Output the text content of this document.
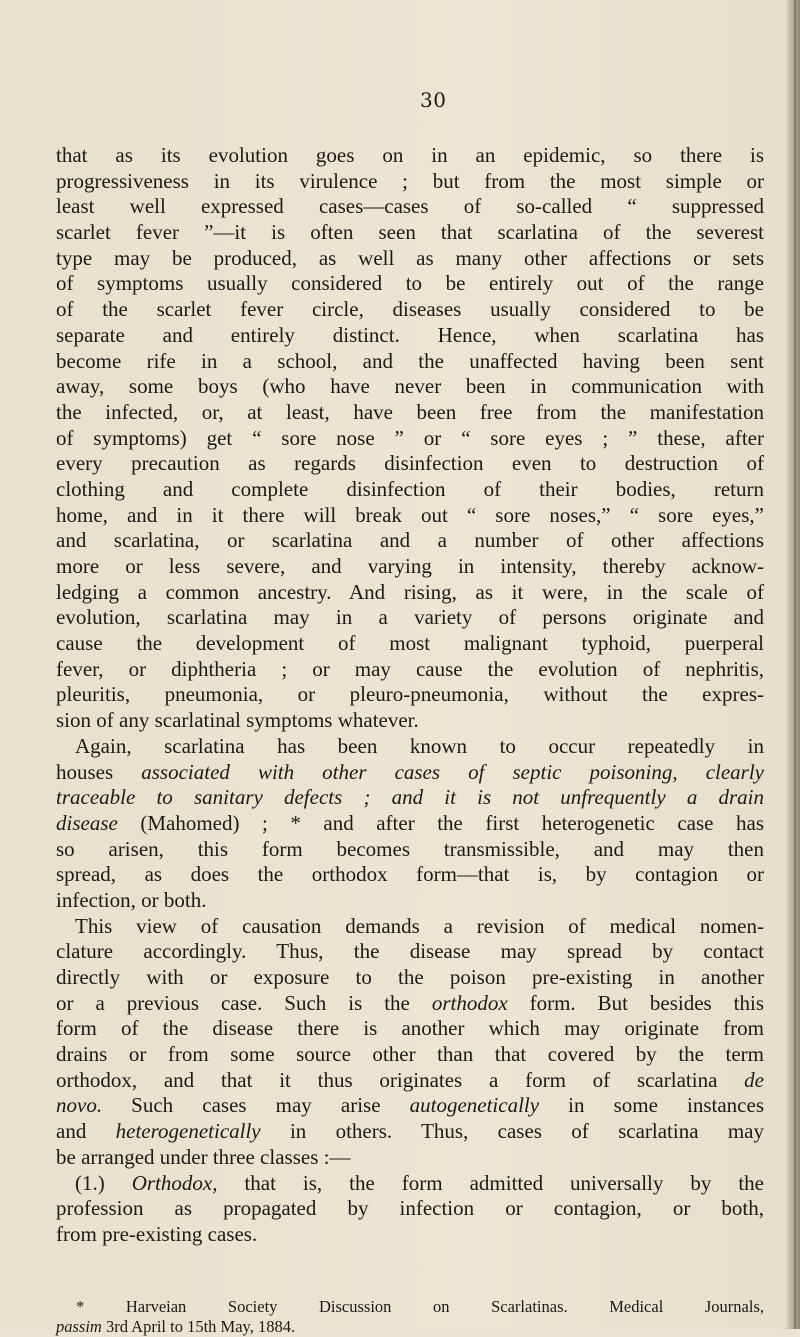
30
that as its evolution goes on in an epidemic, so there is
progressiveness in its virulence ; but from the most simple or
least well expressed cases—cases of so-called “ suppressed
scarlet fever ”—it is often seen that scarlatina of the severest
type may be produced, as well as many other affections or sets
of symptoms usually considered to be entirely out of the range
of the scarlet fever circle, diseases usually considered to be
separate and entirely distinct. Hence, when scarlatina has
become rife in a school, and the unaffected having been sent
away, some boys (who have never been in communication with
the infected, or, at least, have been free from the manifestation
of symptoms) get “ sore nose ” or “ sore eyes ; ” these, after
every precaution as regards disinfection even to destruction of
clothing and complete disinfection of their bodies, return
home, and in it there will break out “ sore noses,” “ sore eyes,”
and scarlatina, or scarlatina and a number of other affections
more or less severe, and varying in intensity, thereby acknow-
ledging a common ancestry. And rising, as it were, in the scale of
evolution, scarlatina may in a variety of persons originate and
cause the development of most malignant typhoid, puerperal
fever, or diphtheria ; or may cause the evolution of nephritis,
pleuritis, pneumonia, or pleuro-pneumonia, without the expres-
sion of any scarlatinal symptoms whatever.
Again, scarlatina has been known to occur repeatedly in
houses associated with other cases of septic poisoning, clearly
traceable to sanitary defects ; and it is not unfrequently a drain
disease (Mahomed) ; * and after the first heterogenetic case has
so arisen, this form becomes transmissible, and may then
spread, as does the orthodox form—that is, by contagion or
infection, or both.
This view of causation demands a revision of medical nomen-
clature accordingly. Thus, the disease may spread by contact
directly with or exposure to the poison pre-existing in another
or a previous case. Such is the orthodox form. But besides this
form of the disease there is another which may originate from
drains or from some source other than that covered by the term
orthodox, and that it thus originates a form of scarlatina de
novo. Such cases may arise autogenetically in some instances
and heterogenetically in others. Thus, cases of scarlatina may
be arranged under three classes :—
(1.) Orthodox, that is, the form admitted universally by the
profession as propagated by infection or contagion, or both,
from pre-existing cases.
* Harveian Society Discussion on Scarlatinas. Medical Journals,
passim 3rd April to 15th May, 1884.
